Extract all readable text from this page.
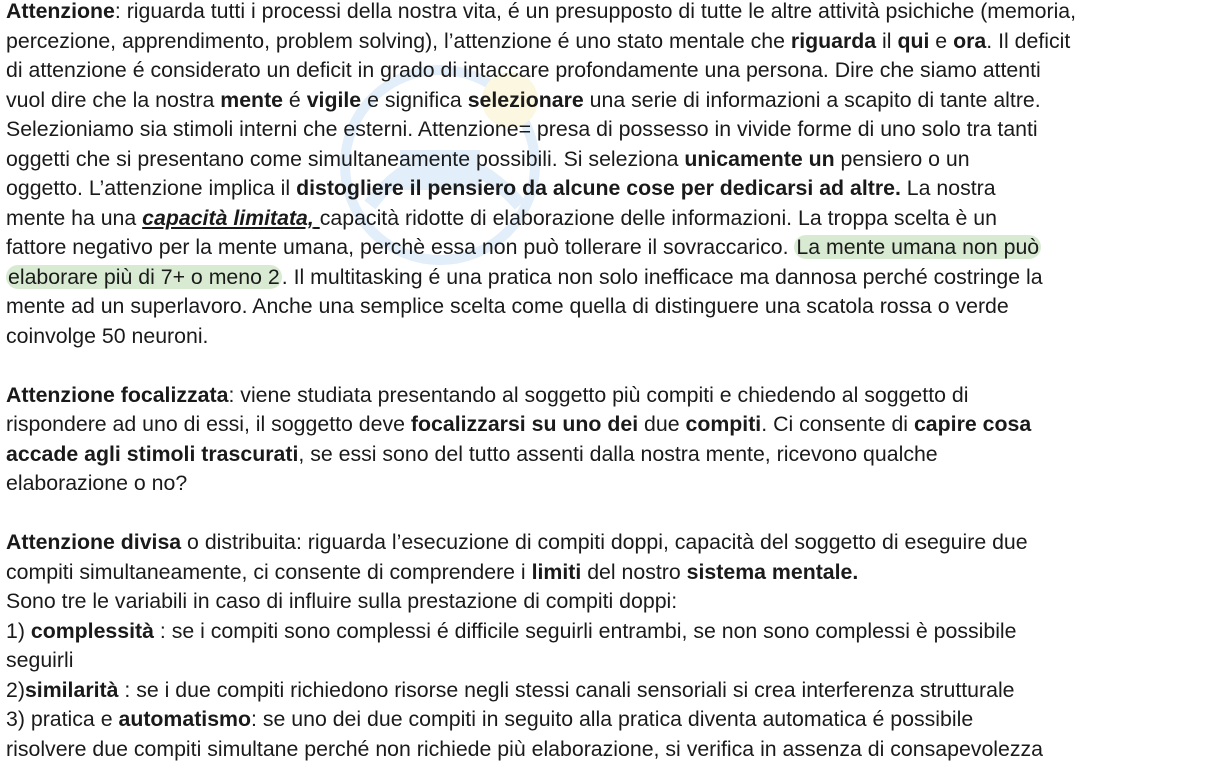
Attenzione: riguarda tutti i processi della nostra vita, é un presupposto di tutte le altre attività psichiche (memoria,
percezione, apprendimento, problem solving), l’attenzione é uno stato mentale che riguarda il qui e ora. Il deficit
di attenzione é considerato un deficit in grado di intaccare profondamente una persona. Dire che siamo attenti
vuol dire che la nostra mente é vigile e significa selezionare una serie di informazioni a scapito di tante altre.
Selezioniamo sia stimoli interni che esterni. Attenzione= presa di possesso in vivide forme di uno solo tra tanti
oggetti che si presentano come simultaneamente possibili. Si seleziona unicamente un pensiero o un
oggetto. L’attenzione implica il distogliere il pensiero da alcune cose per dedicarsi ad altre. La nostra
mente ha una capacità limitata, capacità ridotte di elaborazione delle informazioni. La troppa scelta è un
fattore negativo per la mente umana, perchè essa non può tollerare il sovraccarico. La mente umana non può
elaborare più di 7+ o meno 2. Il multitasking é una pratica non solo inefficace ma dannosa perché costringe la
mente ad un superlavoro. Anche una semplice scelta come quella di distinguere una scatola rossa o verde
coinvolge 50 neuroni.
Attenzione focalizzata: viene studiata presentando al soggetto più compiti e chiedendo al soggetto di
rispondere ad uno di essi, il soggetto deve focalizzarsi su uno dei due compiti. Ci consente di capire cosa
accade agli stimoli trascurati, se essi sono del tutto assenti dalla nostra mente, ricevono qualche
elaborazione o no?
Attenzione divisa o distribuita: riguarda l’esecuzione di compiti doppi, capacità del soggetto di eseguire due
compiti simultaneamente, ci consente di comprendere i limiti del nostro sistema mentale.
Sono tre le variabili in caso di influire sulla prestazione di compiti doppi:
1) complessità : se i compiti sono complessi é difficile seguirli entrambi, se non sono complessi è possibile
seguirli
2)similarità : se i due compiti richiedono risorse negli stessi canali sensoriali si crea interferenza strutturale
3) pratica e automatismo: se uno dei due compiti in seguito alla pratica diventa automatica é possibile
risolvere due compiti simultane perché non richiede più elaborazione, si verifica in assenza di consapevolezza
